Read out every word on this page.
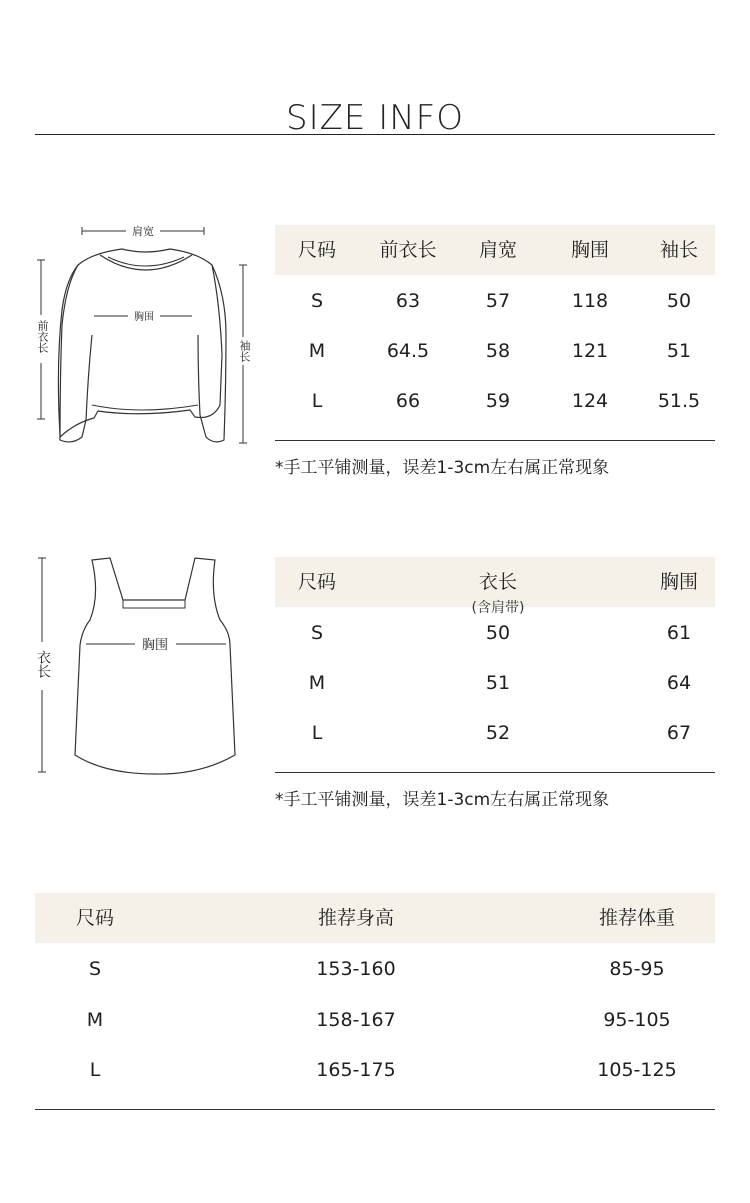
SIZE INFO
肩宽
胸围
前衣长	袖长
尺码	前衣长	肩宽	胸围	袖长
S	63	57	118	50
M	64.5	58	121	51
L	66	59	124	51.5
*手工平铺测量，误差1-3cm左右属正常现象
胸围
衣长
尺码	衣长	胸围
S	50	61
M	51	64
L	52	67
(含肩带)
*手工平铺测量，误差1-3cm左右属正常现象
尺码	推荐身高	推荐体重
S	153-160	85-95
M	158-167	95-105
L	165-175	105-125
